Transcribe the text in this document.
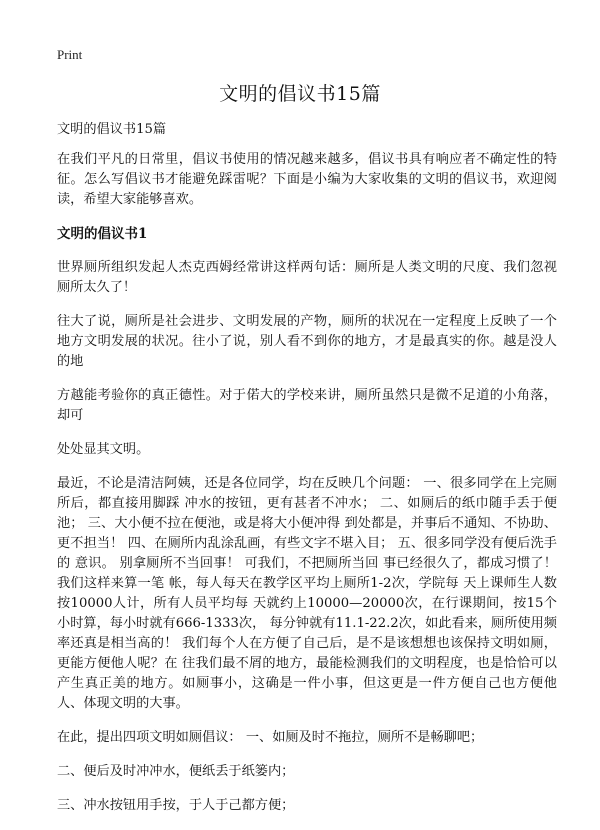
Print
文明的倡议书15篇

文明的倡议书15篇

在我们平凡的日常里，倡议书使用的情况越来越多，倡议书具有响应者不确定性的特征。怎么写倡议书才能避免踩雷呢？下面是小编为大家收集的文明的倡议书，欢迎阅读，希望大家能够喜欢。

文明的倡议书1

世界厕所组织发起人杰克西姆经常讲这样两句话：厕所是人类文明的尺度、我们忽视 厕所太久了！

往大了说，厕所是社会进步、文明发展的产物，厕所的状况在一定程度上反映了一个 地方文明发展的状况。往小了说，别人看不到你的地方，才是最真实的你。越是没人的地

方越能考验你的真正德性。对于偌大的学校来讲，厕所虽然只是微不足道的小角落，却可

处处显其文明。

最近，不论是清洁阿姨，还是各位同学，均在反映几个问题： 一、很多同学在上完厕所后，都直接用脚踩 冲水的按钮，更有甚者不冲水； 二、如厕后的纸巾随手丢于便池； 三、大小便不拉在便池，或是将大小便冲得 到处都是，并事后不通知、不协助、更不担当！ 四、在厕所内乱涂乱画，有些文字不堪入目； 五、很多同学没有便后洗手的 意识。 别拿厕所不当回事！ 可我们，不把厕所当回 事已经很久了，都成习惯了！ 我们这样来算一笔 帐，每人每天在教学区平均上厕所1-2次，学院每 天上课师生人数按10000人计，所有人员平均每 天就约上10000—20000次，在行课期间，按15个小时算，每小时就有666-1333次， 每分钟就有11.1-22.2次，如此看来，厕所使用频率还真是相当高的！ 我们每个人在方便了自己后，是不是该想想也该保持文明如厕，更能方便他人呢？在 往我们最不屑的地方，最能检测我们的文明程度，也是恰恰可以产生真正美的地方。如厕事小，这确是一件小事，但这更是一件方便自己也方便他人、体现文明的大事。

在此，提出四项文明如厕倡议： 一、如厕及时不拖拉，厕所不是畅聊吧；

二、便后及时冲冲水，便纸丢于纸篓内；

三、冲水按钮用手按，于人于己都方便；
